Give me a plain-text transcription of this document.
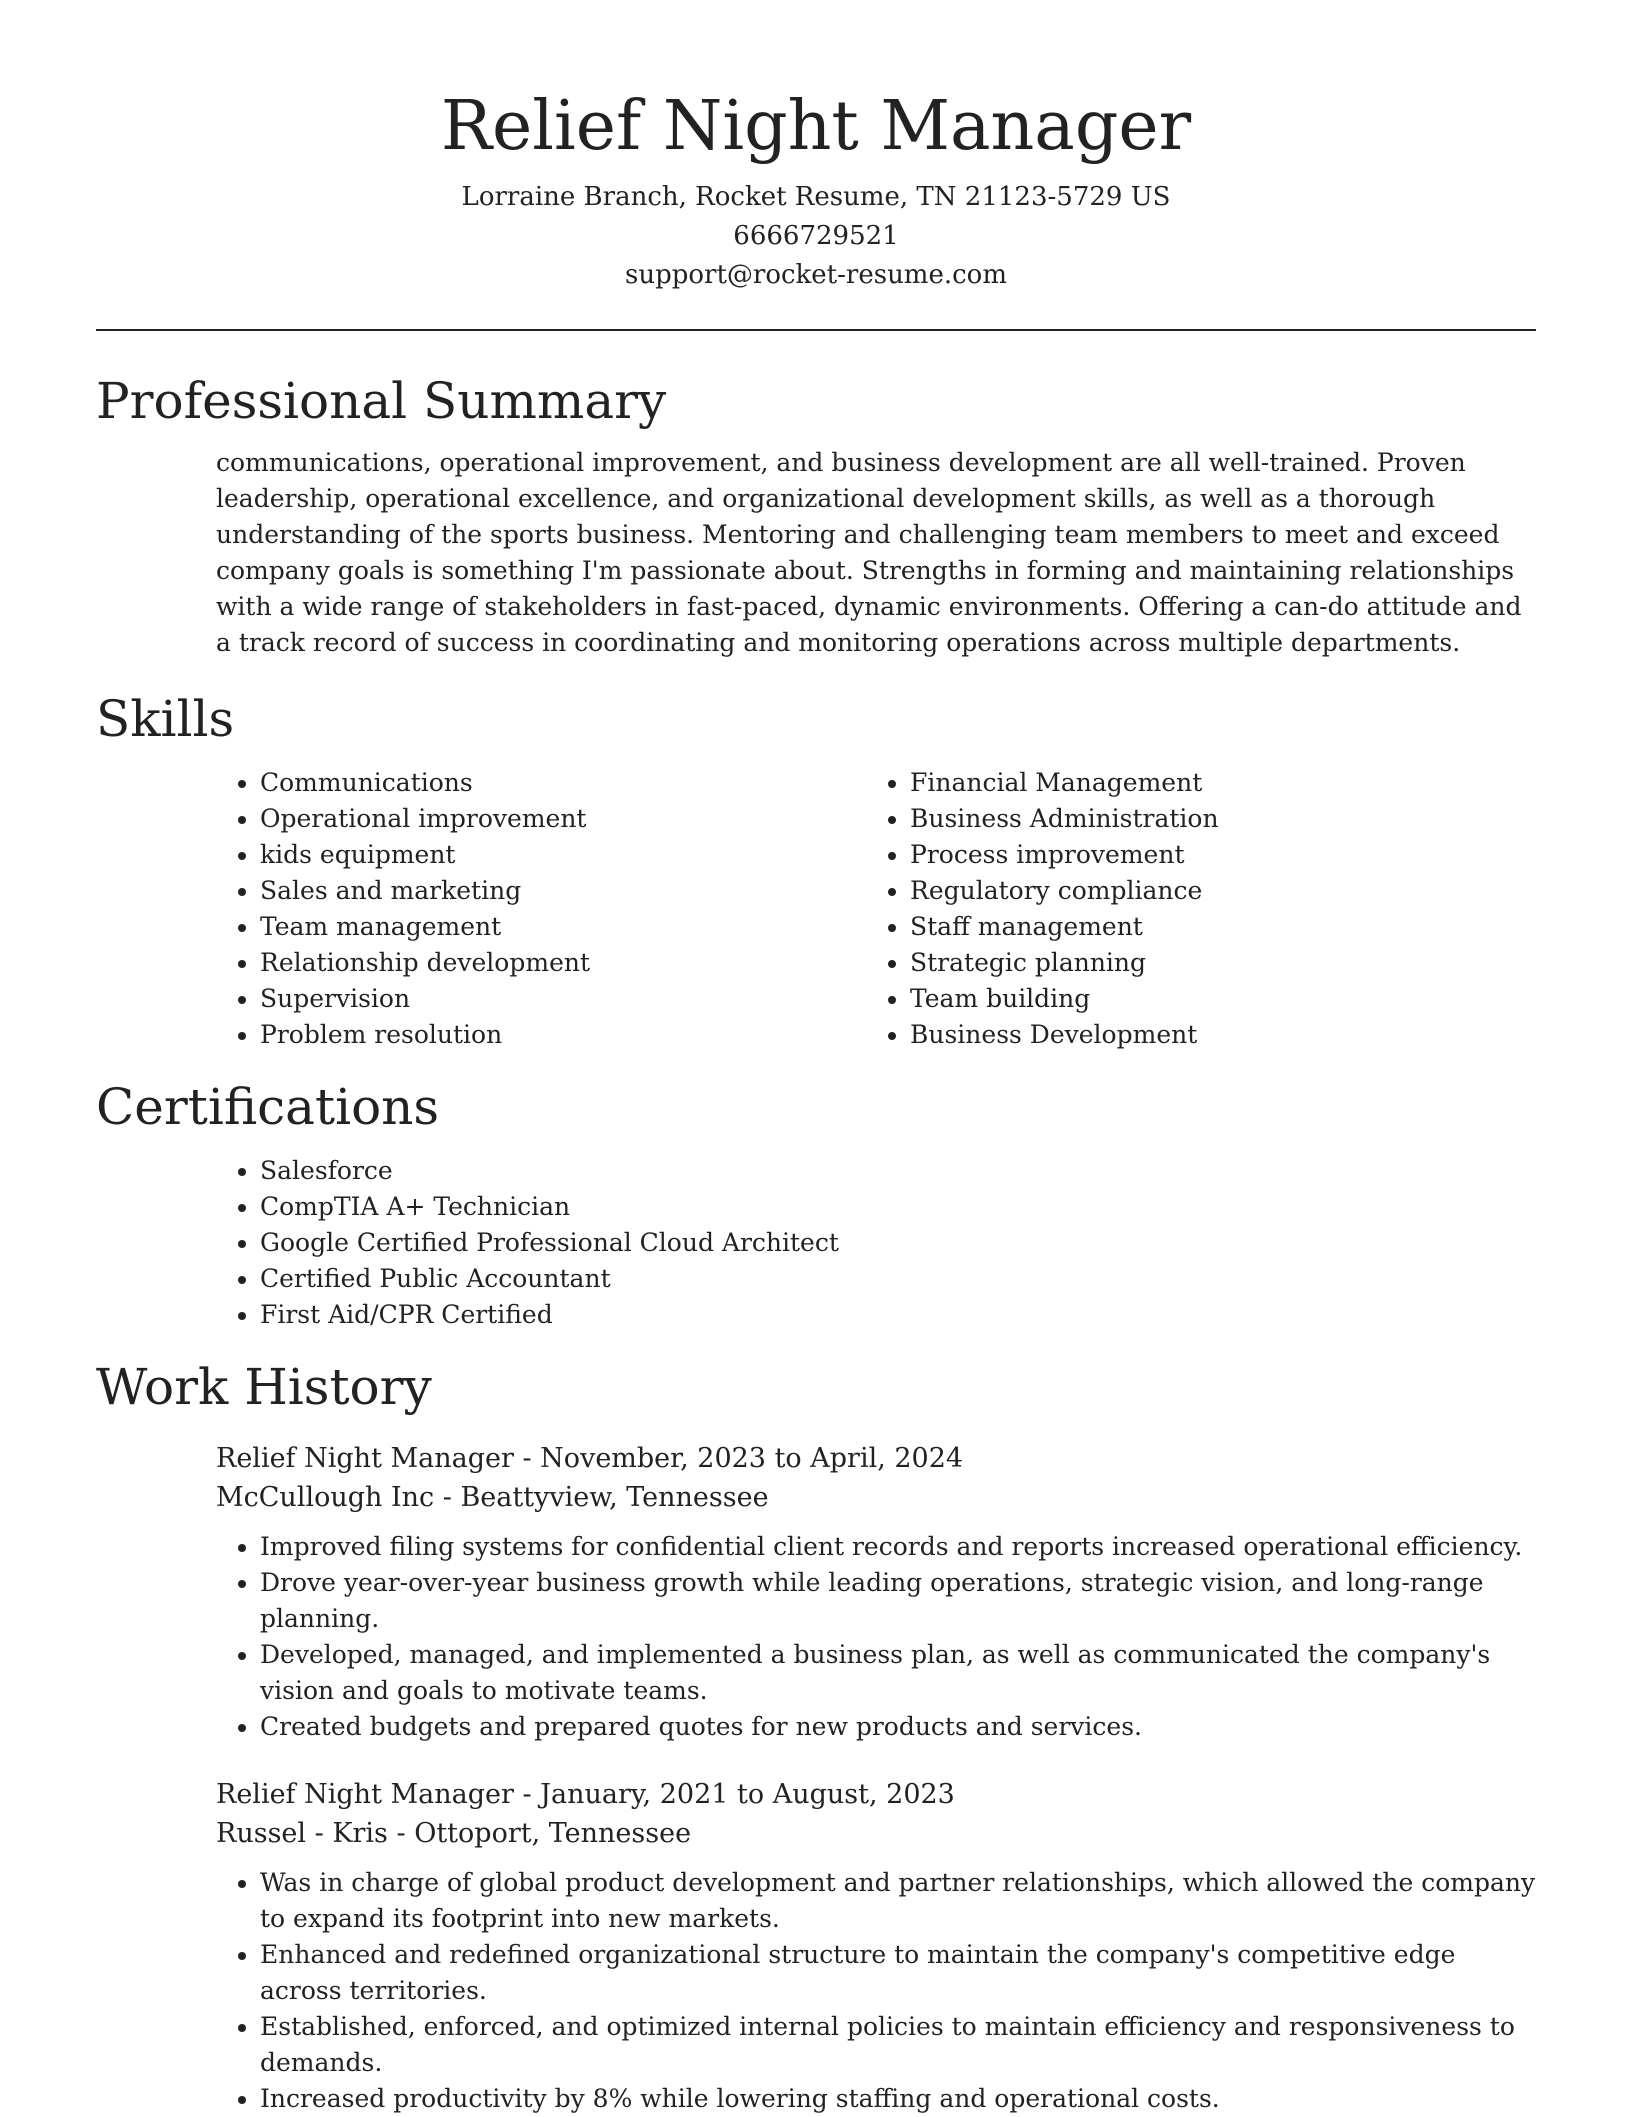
Relief Night Manager
Lorraine Branch, Rocket Resume, TN 21123-5729 US
6666729521
support@rocket-resume.com
Professional Summary
communications, operational improvement, and business development are all well-trained. Proven leadership, operational excellence, and organizational development skills, as well as a thorough understanding of the sports business. Mentoring and challenging team members to meet and exceed company goals is something I'm passionate about. Strengths in forming and maintaining relationships with a wide range of stakeholders in fast-paced, dynamic environments. Offering a can-do attitude and a track record of success in coordinating and monitoring operations across multiple departments.
Skills
• Communications
• Operational improvement
• kids equipment
• Sales and marketing
• Team management
• Relationship development
• Supervision
• Problem resolution
• Financial Management
• Business Administration
• Process improvement
• Regulatory compliance
• Staff management
• Strategic planning
• Team building
• Business Development
Certifications
• Salesforce
• CompTIA A+ Technician
• Google Certified Professional Cloud Architect
• Certified Public Accountant
• First Aid/CPR Certified
Work History
Relief Night Manager - November, 2023 to April, 2024
McCullough Inc - Beattyview, Tennessee
• Improved filing systems for confidential client records and reports increased operational efficiency.
• Drove year-over-year business growth while leading operations, strategic vision, and long-range planning.
• Developed, managed, and implemented a business plan, as well as communicated the company's vision and goals to motivate teams.
• Created budgets and prepared quotes for new products and services.
Relief Night Manager - January, 2021 to August, 2023
Russel - Kris - Ottoport, Tennessee
• Was in charge of global product development and partner relationships, which allowed the company to expand its footprint into new markets.
• Enhanced and redefined organizational structure to maintain the company's competitive edge across territories.
• Established, enforced, and optimized internal policies to maintain efficiency and responsiveness to demands.
• Increased productivity by 8% while lowering staffing and operational costs.
